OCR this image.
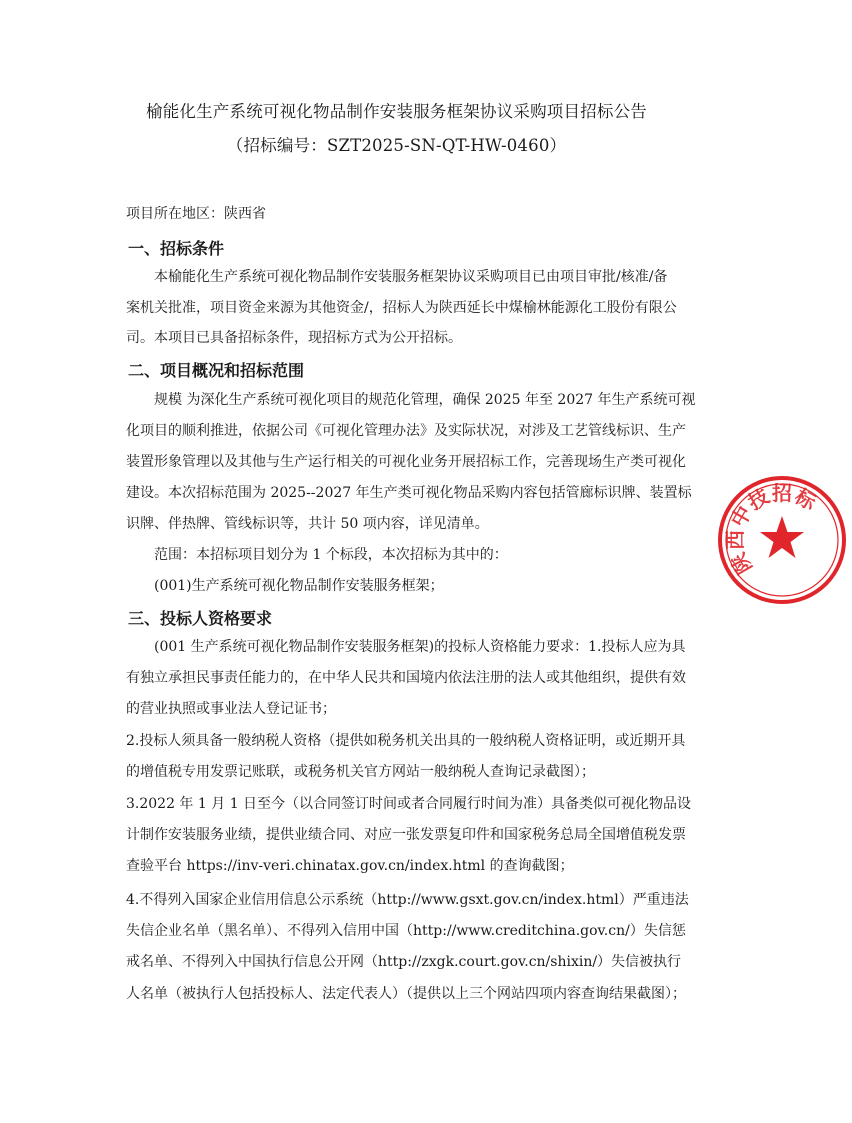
榆能化生产系统可视化物品制作安装服务框架协议采购项目招标公告
（招标编号：SZT2025-SN-QT-HW-0460）
项目所在地区：陕西省
一、招标条件
本榆能化生产系统可视化物品制作安装服务框架协议采购项目已由项目审批/核准/备
案机关批准，项目资金来源为其他资金/，招标人为陕西延长中煤榆林能源化工股份有限公
司。本项目已具备招标条件，现招标方式为公开招标。
二、项目概况和招标范围
规模 为深化生产系统可视化项目的规范化管理，确保 2025 年至 2027 年生产系统可视
化项目的顺利推进，依据公司《可视化管理办法》及实际状况，对涉及工艺管线标识、生产
装置形象管理以及其他与生产运行相关的可视化业务开展招标工作，完善现场生产类可视化
建设。本次招标范围为 2025--2027 年生产类可视化物品采购内容包括管廊标识牌、装置标
识牌、伴热牌、管线标识等，共计 50 项内容，详见清单。
范围：本招标项目划分为 1 个标段，本次招标为其中的：
(001)生产系统可视化物品制作安装服务框架；
三、投标人资格要求
(001 生产系统可视化物品制作安装服务框架)的投标人资格能力要求：1.投标人应为具
有独立承担民事责任能力的，在中华人民共和国境内依法注册的法人或其他组织，提供有效
的营业执照或事业法人登记证书；
2.投标人须具备一般纳税人资格（提供如税务机关出具的一般纳税人资格证明，或近期开具
的增值税专用发票记账联，或税务机关官方网站一般纳税人查询记录截图）；
3.2022 年 1 月 1 日至今（以合同签订时间或者合同履行时间为准）具备类似可视化物品设
计制作安装服务业绩，提供业绩合同、对应一张发票复印件和国家税务总局全国增值税发票
查验平台 https://inv-veri.chinatax.gov.cn/index.html 的查询截图；
4.不得列入国家企业信用信息公示系统（http://www.gsxt.gov.cn/index.html）严重违法
失信企业名单（黑名单）、不得列入信用中国（http://www.creditchina.gov.cn/）失信惩
戒名单、不得列入中国执行信息公开网（http://zxgk.court.gov.cn/shixin/）失信被执行
人名单（被执行人包括投标人、法定代表人）（提供以上三个网站四项内容查询结果截图）；
中
技
招
标
西
陕
